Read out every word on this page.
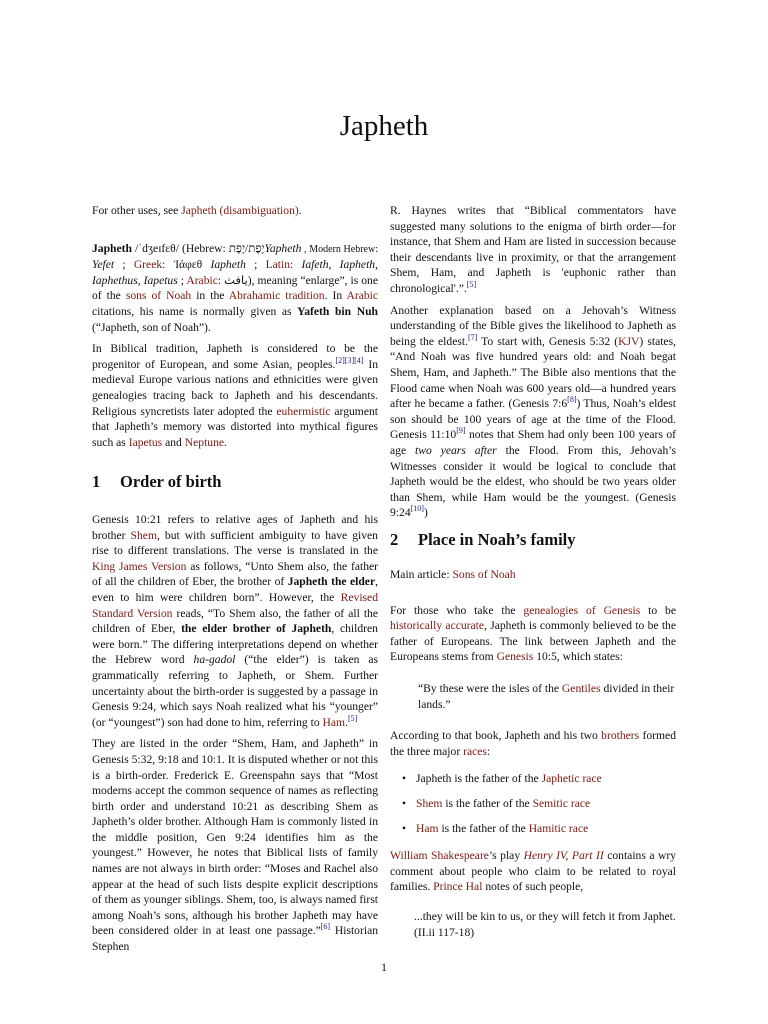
Japheth

For other uses, see Japheth (disambiguation).

Japheth /ˈdʒeɪfɛθ/ (Hebrew: יֶפֶת/יָפֶתYapheth , Modern Hebrew: Yefet ; Greek: Ἰάφεθ Iapheth ; Latin: Iafeth, Iapheth, Iaphethus, Iapetus ; Arabic: يافث), meaning “enlarge”, is one of the sons of Noah in the Abrahamic tradition. In Arabic citations, his name is normally given as Yafeth bin Nuh (“Japheth, son of Noah”).

In Biblical tradition, Japheth is considered to be the progenitor of European, and some Asian, peoples.[2][3][4] In medieval Europe various nations and ethnicities were given genealogies tracing back to Japheth and his descendants. Religious syncretists later adopted the euhermistic argument that Japheth’s memory was distorted into mythical figures such as Iapetus and Neptune.

1 Order of birth

Genesis 10:21 refers to relative ages of Japheth and his brother Shem, but with sufficient ambiguity to have given rise to different translations. The verse is translated in the King James Version as follows, “Unto Shem also, the father of all the children of Eber, the brother of Japheth the elder, even to him were children born”. However, the Revised Standard Version reads, “To Shem also, the father of all the children of Eber, the elder brother of Japheth, children were born.” The differing interpretations depend on whether the Hebrew word ha-gadol (“the elder”) is taken as grammatically referring to Japheth, or Shem. Further uncertainty about the birth-order is suggested by a passage in Genesis 9:24, which says Noah realized what his “younger” (or “youngest”) son had done to him, referring to Ham.[5]

They are listed in the order “Shem, Ham, and Japheth” in Genesis 5:32, 9:18 and 10:1. It is disputed whether or not this is a birth-order. Frederick E. Greenspahn says that “Most moderns accept the common sequence of names as reflecting birth order and understand 10:21 as describing Shem as Japheth’s older brother. Although Ham is commonly listed in the middle position, Gen 9:24 identifies him as the youngest.” However, he notes that Biblical lists of family names are not always in birth order: “Moses and Rachel also appear at the head of such lists despite explicit descriptions of them as younger siblings. Shem, too, is always named first among Noah’s sons, although his brother Japheth may have been considered older in at least one passage.”[6] Historian Stephen

R. Haynes writes that “Biblical commentators have suggested many solutions to the enigma of birth order—for instance, that Shem and Ham are listed in succession because their descendants live in proximity, or that the arrangement Shem, Ham, and Japheth is 'euphonic rather than chronological'.”.[5]

Another explanation based on a Jehovah’s Witness understanding of the Bible gives the likelihood to Japheth as being the eldest.[7] To start with, Genesis 5:32 (KJV) states, “And Noah was five hundred years old: and Noah begat Shem, Ham, and Japheth.” The Bible also mentions that the Flood came when Noah was 600 years old—a hundred years after he became a father. (Genesis 7:6[8]) Thus, Noah’s eldest son should be 100 years of age at the time of the Flood. Genesis 11:10[9] notes that Shem had only been 100 years of age two years after the Flood. From this, Jehovah’s Witnesses consider it would be logical to conclude that Japheth would be the eldest, who should be two years older than Shem, while Ham would be the youngest. (Genesis 9:24[10])

2 Place in Noah’s family

Main article: Sons of Noah

For those who take the genealogies of Genesis to be historically accurate, Japheth is commonly believed to be the father of Europeans. The link between Japheth and the Europeans stems from Genesis 10:5, which states:

“By these were the isles of the Gentiles divided in their lands.”

According to that book, Japheth and his two brothers formed the three major races:

• Japheth is the father of the Japhetic race
• Shem is the father of the Semitic race
• Ham is the father of the Hamitic race

William Shakespeare’s play Henry IV, Part II contains a wry comment about people who claim to be related to royal families. Prince Hal notes of such people,

...they will be kin to us, or they will fetch it from Japhet. (II.ii 117-18)

1
